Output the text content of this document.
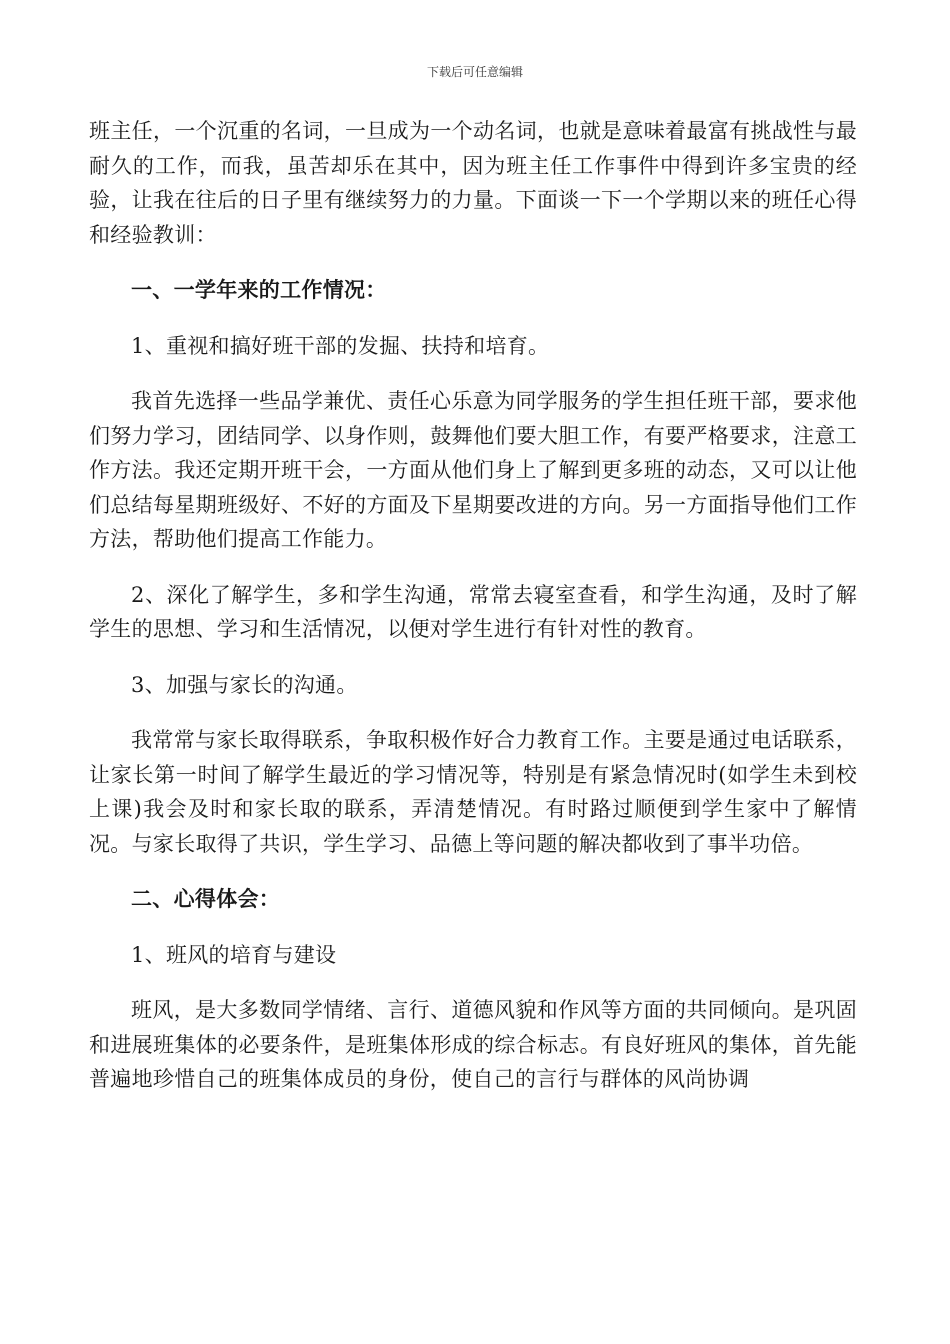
下载后可任意编辑

班主任，一个沉重的名词，一旦成为一个动名词，也就是意味着最富有挑战性与最耐久的工作，而我，虽苦却乐在其中，因为班主任工作事件中得到许多宝贵的经验，让我在往后的日子里有继续努力的力量。下面谈一下一个学期以来的班任心得和经验教训：

一、一学年来的工作情况：

1、重视和搞好班干部的发掘、扶持和培育。

我首先选择一些品学兼优、责任心乐意为同学服务的学生担任班干部，要求他们努力学习，团结同学、以身作则，鼓舞他们要大胆工作，有要严格要求，注意工作方法。我还定期开班干会，一方面从他们身上了解到更多班的动态，又可以让他们总结每星期班级好、不好的方面及下星期要改进的方向。另一方面指导他们工作方法，帮助他们提高工作能力。

2、深化了解学生，多和学生沟通，常常去寝室查看，和学生沟通，及时了解学生的思想、学习和生活情况，以便对学生进行有针对性的教育。

3、加强与家长的沟通。

我常常与家长取得联系，争取积极作好合力教育工作。主要是通过电话联系，让家长第一时间了解学生最近的学习情况等，特别是有紧急情况时(如学生未到校上课)我会及时和家长取的联系，弄清楚情况。有时路过顺便到学生家中了解情况。与家长取得了共识，学生学习、品德上等问题的解决都收到了事半功倍。

二、心得体会：

1、班风的培育与建设

班风，是大多数同学情绪、言行、道德风貌和作风等方面的共同倾向。是巩固和进展班集体的必要条件，是班集体形成的综合标志。有良好班风的集体，首先能普遍地珍惜自己的班集体成员的身份，使自己的言行与群体的风尚协调
